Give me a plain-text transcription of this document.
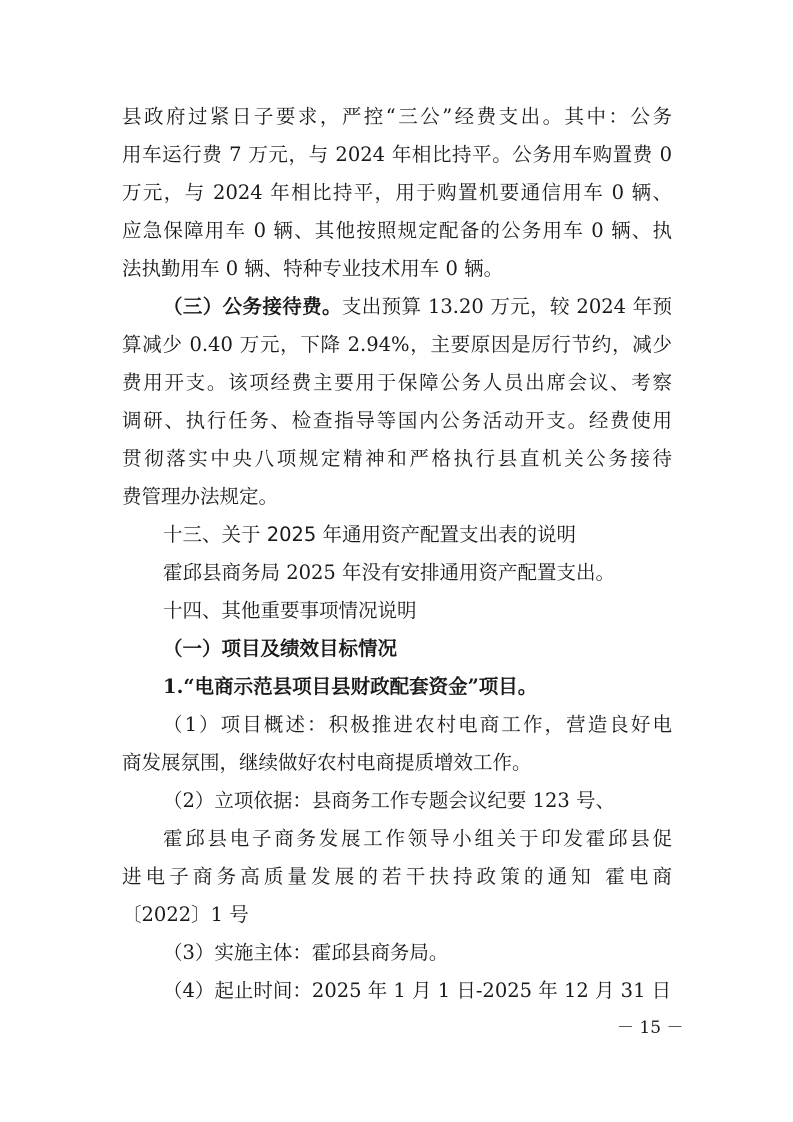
县政府过紧日子要求，严控“三公”经费支出。其中：公务
用车运行费 7 万元，与 2024 年相比持平。公务用车购置费 0
万元，与 2024 年相比持平，用于购置机要通信用车 0 辆、
应急保障用车 0 辆、其他按照规定配备的公务用车 0 辆、执
法执勤用车 0 辆、特种专业技术用车 0 辆。
（三）公务接待费。支出预算 13.20 万元，较 2024 年预
算减少 0.40 万元，下降 2.94%，主要原因是厉行节约，减少
费用开支。该项经费主要用于保障公务人员出席会议、考察
调研、执行任务、检查指导等国内公务活动开支。经费使用
贯彻落实中央八项规定精神和严格执行县直机关公务接待
费管理办法规定。
十三、关于 2025 年通用资产配置支出表的说明
霍邱县商务局 2025 年没有安排通用资产配置支出。
十四、其他重要事项情况说明
（一）项目及绩效目标情况
1.“电商示范县项目县财政配套资金”项目。
（1）项目概述：积极推进农村电商工作，营造良好电
商发展氛围，继续做好农村电商提质增效工作。
（2）立项依据：县商务工作专题会议纪要 123 号、
霍邱县电子商务发展工作领导小组关于印发霍邱县促
进电子商务高质量发展的若干扶持政策的通知 霍电商
〔2022〕1 号
（3）实施主体：霍邱县商务局。
（4）起止时间：2025 年 1 月 1 日-2025 年 12 月 31 日
－ 15 －
